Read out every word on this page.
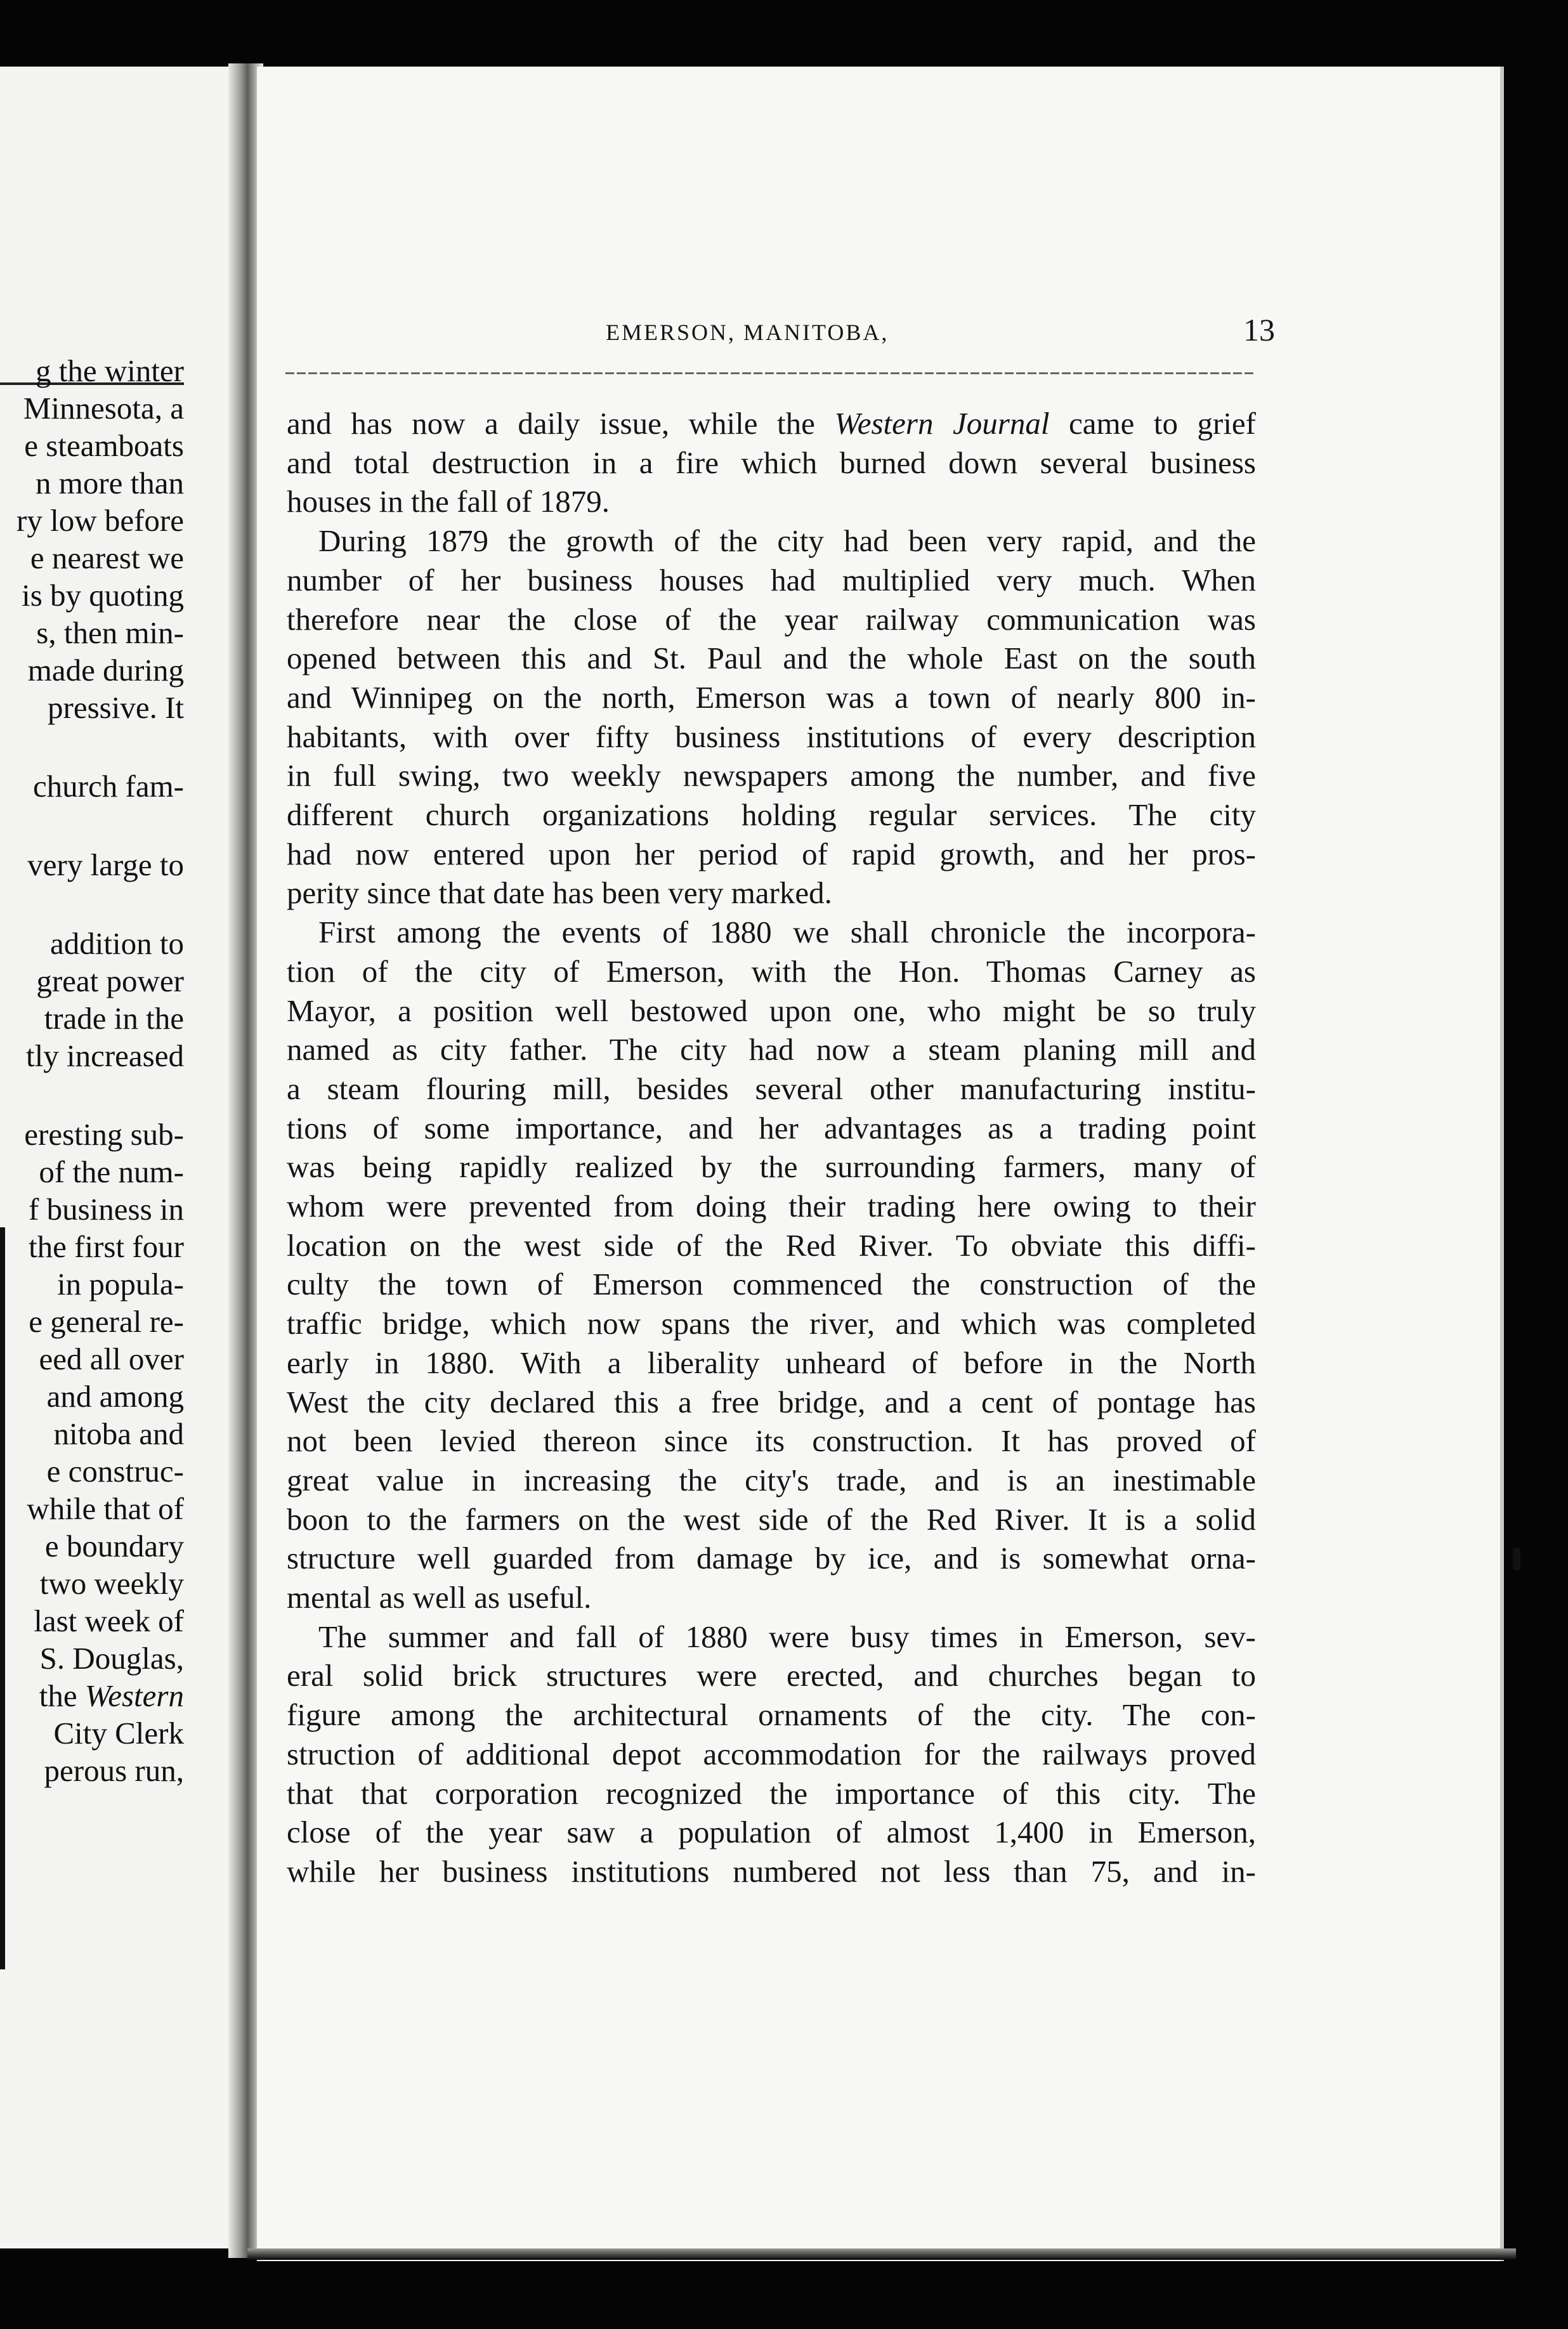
g the winter
Minnesota, a
e steamboats
n more than
ry low before
e nearest we
is by quoting
s, then min-
made during
pressive. It
church fam-
very large to
addition to
great power
trade in the
tly increased
eresting sub-
of the num-
f business in
the first four
in popula-
e general re-
eed all over
and among
nitoba and
e construc-
while that of
e boundary
two weekly
last week of
S. Douglas,
the Western
City Clerk
perous run,
EMERSON, MANITOBA,	13
and has now a daily issue, while the Western Journal came to grief
and total destruction in a fire which burned down several business
houses in the fall of 1879.
During 1879 the growth of the city had been very rapid, and the
number of her business houses had multiplied very much. When
therefore near the close of the year railway communication was
opened between this and St. Paul and the whole East on the south
and Winnipeg on the north, Emerson was a town of nearly 800 in-
habitants, with over fifty business institutions of every description
in full swing, two weekly newspapers among the number, and five
different church organizations holding regular services. The city
had now entered upon her period of rapid growth, and her pros-
perity since that date has been very marked.
First among the events of 1880 we shall chronicle the incorpora-
tion of the city of Emerson, with the Hon. Thomas Carney as
Mayor, a position well bestowed upon one, who might be so truly
named as city father. The city had now a steam planing mill and
a steam flouring mill, besides several other manufacturing institu-
tions of some importance, and her advantages as a trading point
was being rapidly realized by the surrounding farmers, many of
whom were prevented from doing their trading here owing to their
location on the west side of the Red River. To obviate this diffi-
culty the town of Emerson commenced the construction of the
traffic bridge, which now spans the river, and which was completed
early in 1880. With a liberality unheard of before in the North
West the city declared this a free bridge, and a cent of pontage has
not been levied thereon since its construction. It has proved of
great value in increasing the city's trade, and is an inestimable
boon to the farmers on the west side of the Red River. It is a solid
structure well guarded from damage by ice, and is somewhat orna-
mental as well as useful.
The summer and fall of 1880 were busy times in Emerson, sev-
eral solid brick structures were erected, and churches began to
figure among the architectural ornaments of the city. The con-
struction of additional depot accommodation for the railways proved
that that corporation recognized the importance of this city. The
close of the year saw a population of almost 1,400 in Emerson,
while her business institutions numbered not less than 75, and in-
